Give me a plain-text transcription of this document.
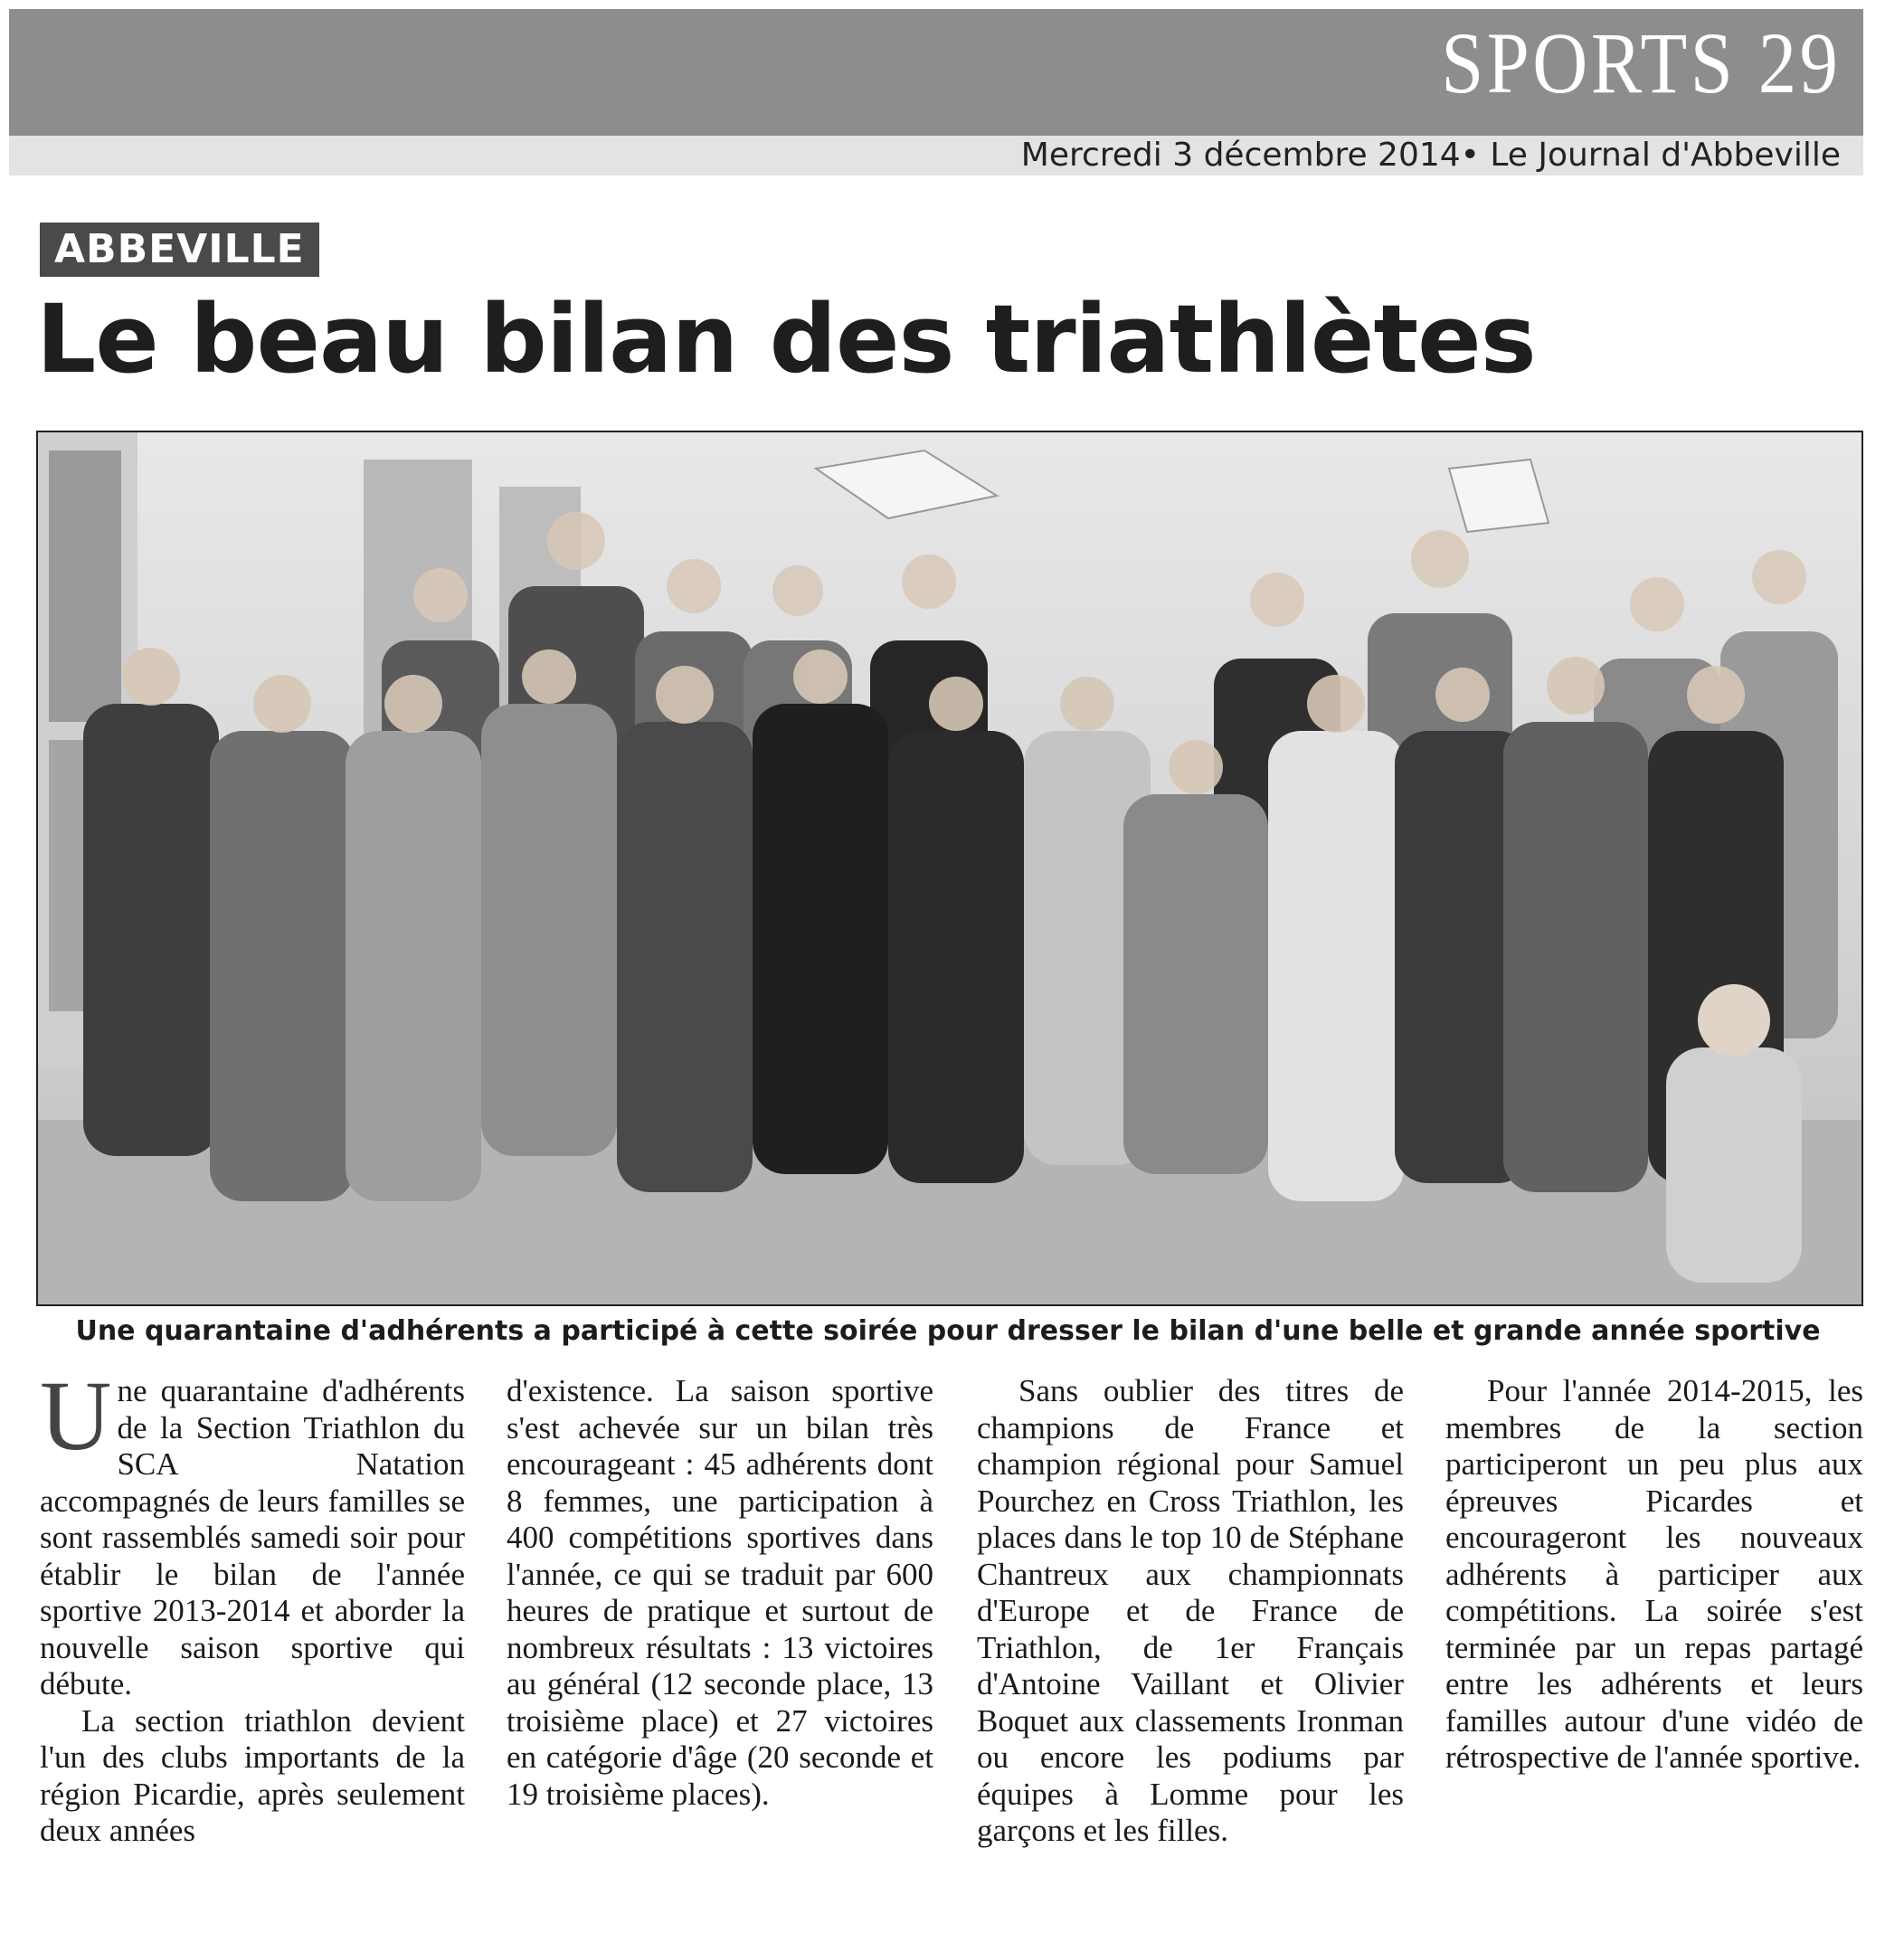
SPORTS 29
Mercredi 3 décembre 2014• Le Journal d'Abbeville
ABBEVILLE
Le beau bilan des triathlètes
Une quarantaine d'adhérents a participé à cette soirée pour dresser le bilan d'une belle et grande année sportive

Une quarantaine d'adhérents de la Section Triathlon du SCA Natation accompagnés de leurs familles se sont rassemblés samedi soir pour établir le bilan de l'année sportive 2013-2014 et aborder la nouvelle saison sportive qui débute.

La section triathlon devient l'un des clubs importants de la région Picardie, après seulement deux années

d'existence. La saison sportive s'est achevée sur un bilan très encourageant : 45 adhérents dont 8 femmes, une participation à 400 compétitions sportives dans l'année, ce qui se traduit par 600 heures de pratique et surtout de nombreux résultats : 13 victoires au général (12 seconde place, 13 troisième place) et 27 victoires en catégorie d'âge (20 seconde et 19 troisième places).

Sans oublier des titres de champions de France et champion régional pour Samuel Pourchez en Cross Triathlon, les places dans le top 10 de Stéphane Chantreux aux championnats d'Europe et de France de Triathlon, de 1er Français d'Antoine Vaillant et Olivier Boquet aux classements Ironman ou encore les podiums par équipes à Lomme pour les garçons et les filles.

Pour l'année 2014-2015, les membres de la section participeront un peu plus aux épreuves Picardes et encourageront les nouveaux adhérents à participer aux compétitions. La soirée s'est terminée par un repas partagé entre les adhérents et leurs familles autour d'une vidéo de rétrospective de l'année sportive.
